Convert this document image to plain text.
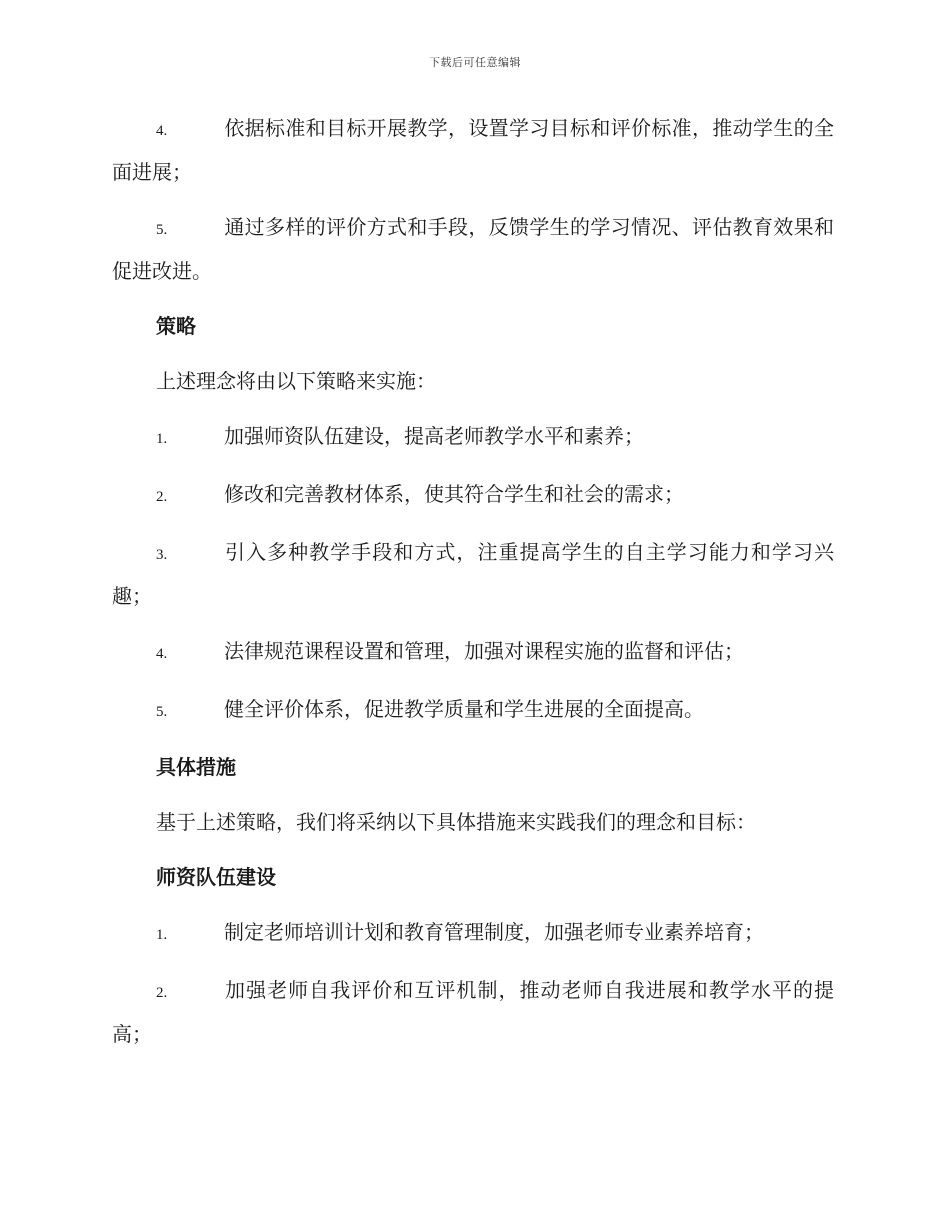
下载后可任意编辑

4.	依据标准和目标开展教学，设置学习目标和评价标准，推动学生的全面进展；

5.	通过多样的评价方式和手段，反馈学生的学习情况、评估教育效果和促进改进。

策略

上述理念将由以下策略来实施：

1.	加强师资队伍建设，提高老师教学水平和素养；

2.	修改和完善教材体系，使其符合学生和社会的需求；

3.	引入多种教学手段和方式，注重提高学生的自主学习能力和学习兴趣；

4.	法律规范课程设置和管理，加强对课程实施的监督和评估；

5.	健全评价体系，促进教学质量和学生进展的全面提高。

具体措施

基于上述策略，我们将采纳以下具体措施来实践我们的理念和目标：

师资队伍建设

1.	制定老师培训计划和教育管理制度，加强老师专业素养培育；

2.	加强老师自我评价和互评机制，推动老师自我进展和教学水平的提高；
